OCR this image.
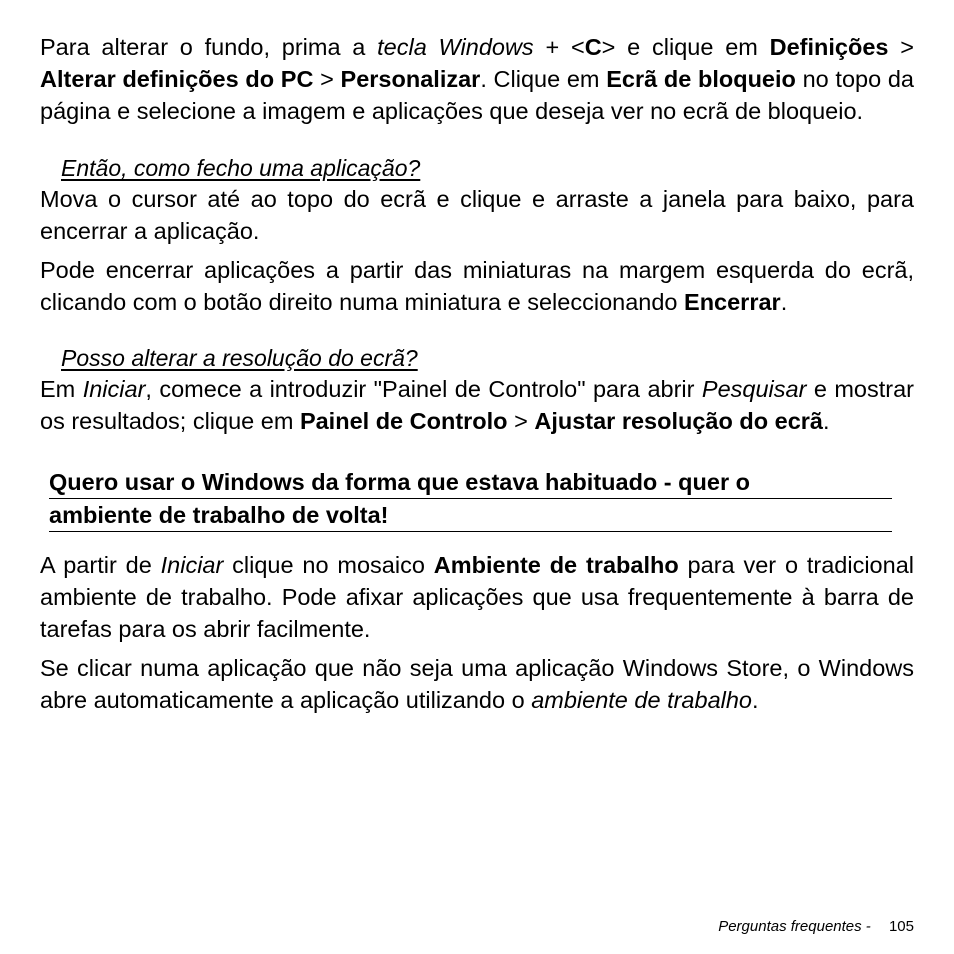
Para alterar o fundo, prima a tecla Windows + <C> e clique em Definições > Alterar definições do PC > Personalizar. Clique em Ecrã de bloqueio no topo da página e selecione a imagem e aplicações que deseja ver no ecrã de bloqueio.

Então, como fecho uma aplicação?

Mova o cursor até ao topo do ecrã e clique e arraste a janela para baixo, para encerrar a aplicação.

Pode encerrar aplicações a partir das miniaturas na margem esquerda do ecrã, clicando com o botão direito numa miniatura e seleccionando Encerrar.

Posso alterar a resolução do ecrã?

Em Iniciar, comece a introduzir "Painel de Controlo" para abrir Pesquisar e mostrar os resultados; clique em Painel de Controlo > Ajustar resolução do ecrã.

Quero usar o Windows da forma que estava habituado - quer o
ambiente de trabalho de volta!

A partir de Iniciar clique no mosaico Ambiente de trabalho para ver o tradicional ambiente de trabalho. Pode afixar aplicações que usa frequentemente à barra de tarefas para os abrir facilmente.

Se clicar numa aplicação que não seja uma aplicação Windows Store, o Windows abre automaticamente a aplicação utilizando o ambiente de trabalho.

Perguntas frequentes - 105
